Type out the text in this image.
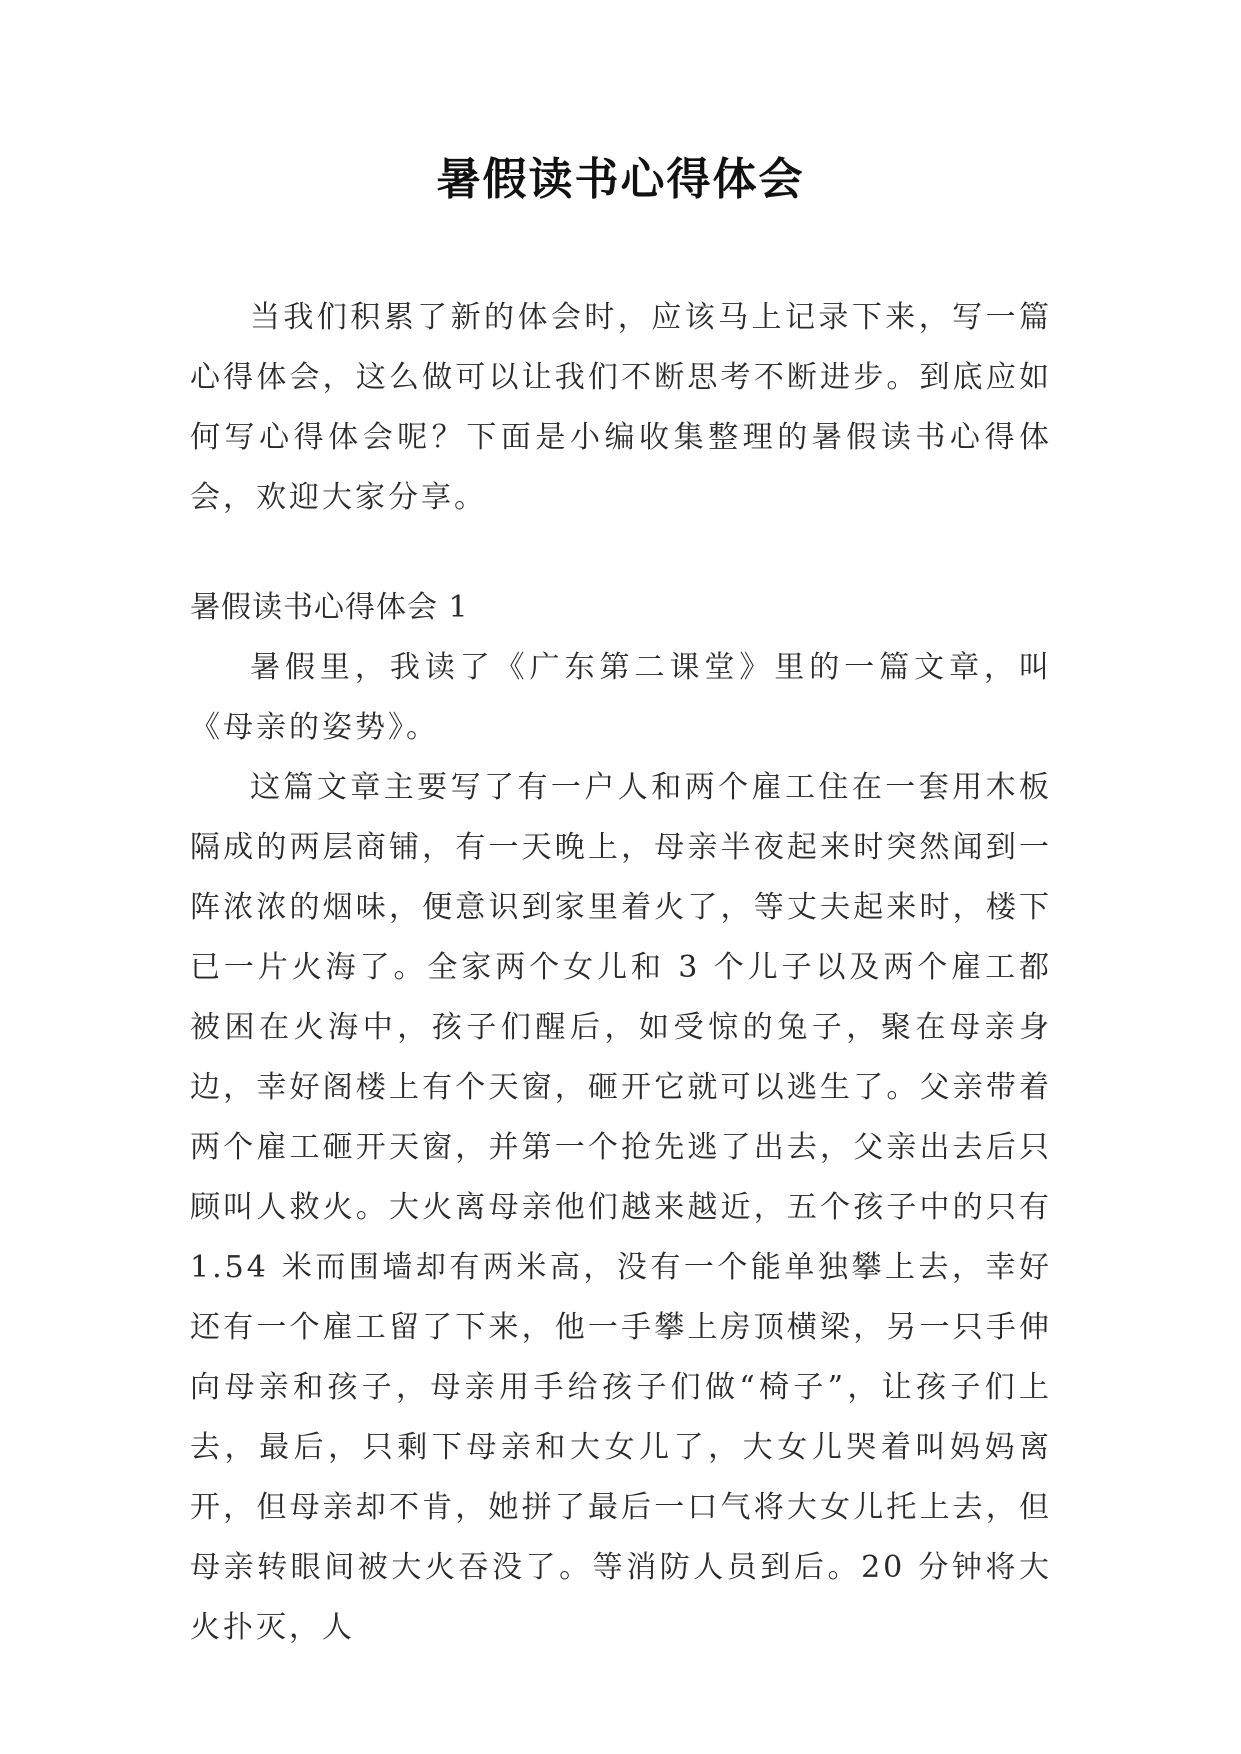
暑假读书心得体会

当我们积累了新的体会时，应该马上记录下来，写一篇心得体会，这么做可以让我们不断思考不断进步。到底应如何写心得体会呢？下面是小编收集整理的暑假读书心得体会，欢迎大家分享。

暑假读书心得体会 1

暑假里，我读了《广东第二课堂》里的一篇文章，叫《母亲的姿势》。

这篇文章主要写了有一户人和两个雇工住在一套用木板隔成的两层商铺，有一天晚上，母亲半夜起来时突然闻到一阵浓浓的烟味，便意识到家里着火了，等丈夫起来时，楼下已一片火海了。全家两个女儿和 3 个儿子以及两个雇工都被困在火海中，孩子们醒后，如受惊的兔子，聚在母亲身边，幸好阁楼上有个天窗，砸开它就可以逃生了。父亲带着两个雇工砸开天窗，并第一个抢先逃了出去，父亲出去后只顾叫人救火。大火离母亲他们越来越近，五个孩子中的只有 1.54 米而围墙却有两米高，没有一个能单独攀上去，幸好还有一个雇工留了下来，他一手攀上房顶横梁，另一只手伸向母亲和孩子，母亲用手给孩子们做“椅子”，让孩子们上去，最后，只剩下母亲和大女儿了，大女儿哭着叫妈妈离开，但母亲却不肯，她拼了最后一口气将大女儿托上去，但母亲转眼间被大火吞没了。等消防人员到后。20 分钟将大火扑灭，人
